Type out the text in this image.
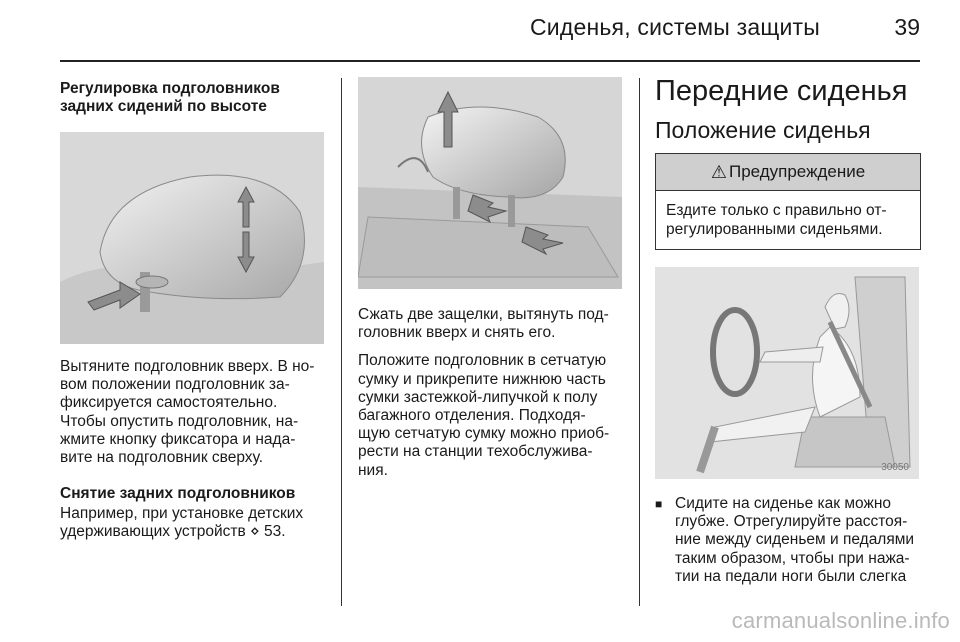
Сиденья, системы защиты	39

Регулировка подголовников
задних сидений по высоте

Вытяните подголовник вверх. В но-
вом положении подголовник за-
фиксируется самостоятельно.
Чтобы опустить подголовник, на-
жмите кнопку фиксатора и нада-
вите на подголовник сверху.

Снятие задних подголовников

Например, при установке детских
удерживающих устройств ⋄ 53.

Сжать две защелки, вытянуть под-
головник вверх и снять его.

Положите подголовник в сетчатую
сумку и прикрепите нижнюю часть
сумки застежкой-липучкой к полу
багажного отделения. Подходя-
щую сетчатую сумку можно приоб-
рести на станции техобслужива-
ния.

Передние сиденья
Положение сиденья
⚠ Предупреждение
Ездите только с правильно от-
регулированными сиденьями.
30050
■ Сидите на сиденье как можно
глубже. Отрегулируйте расстоя-
ние между сиденьем и педалями
таким образом, чтобы при нажа-
тии на педали ноги были слегка
carmanualsonline.info
